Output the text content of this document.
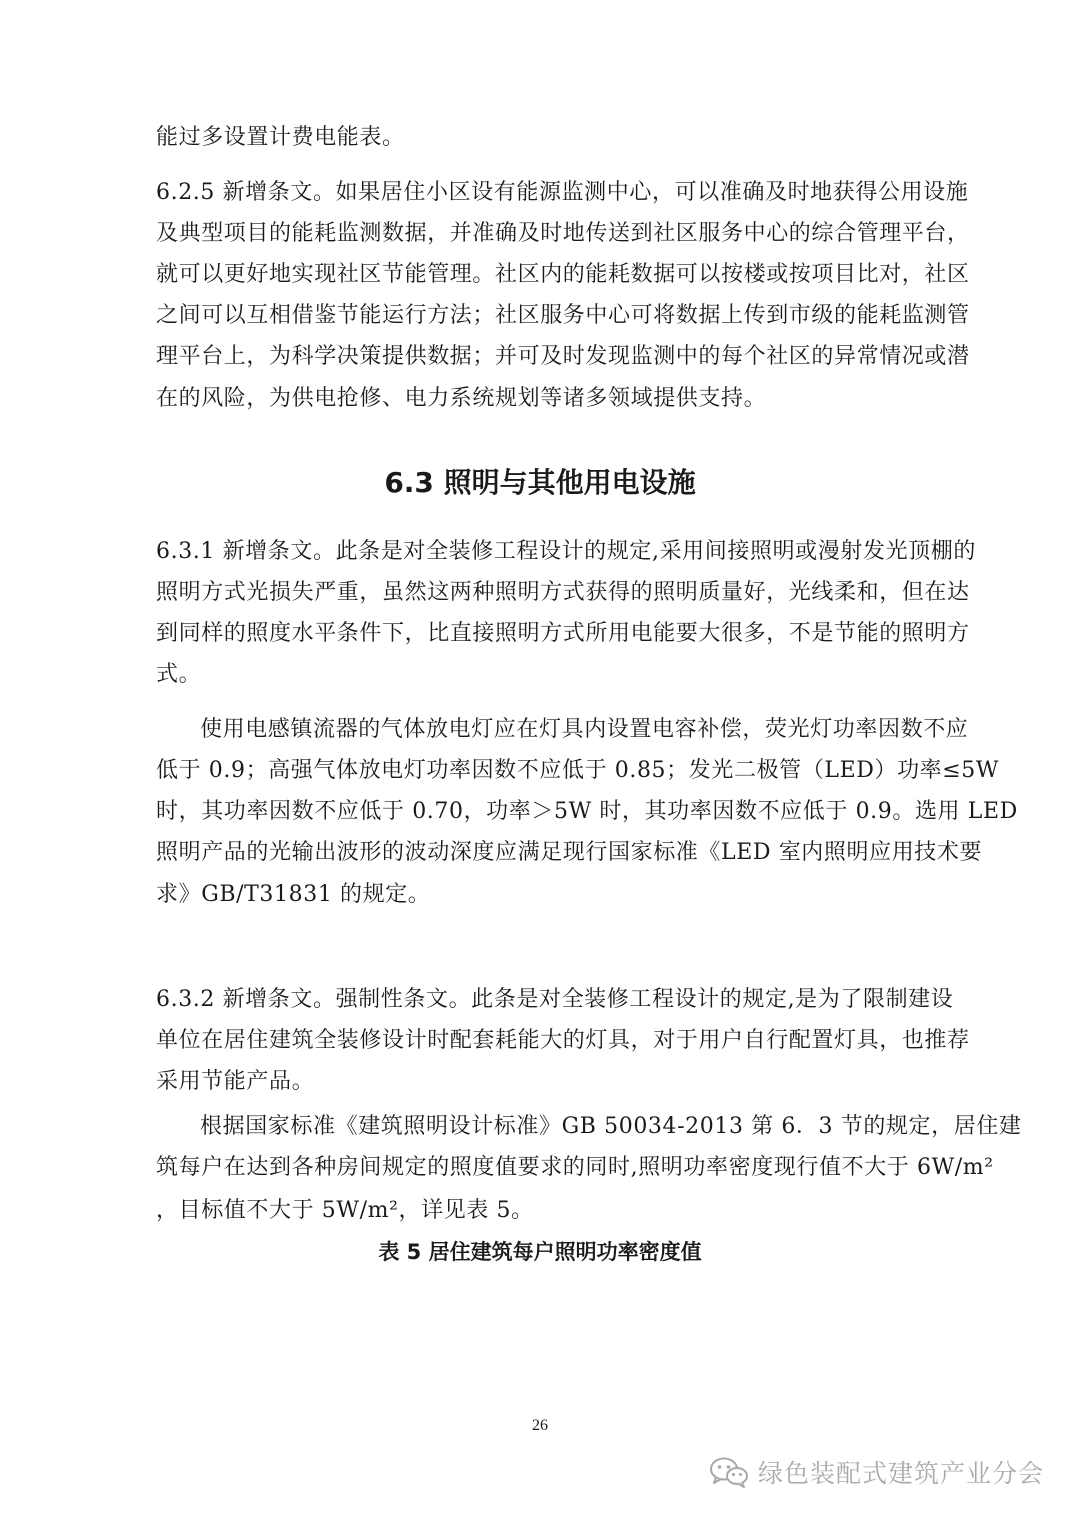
能过多设置计费电能表。
6.2.5 新增条文。如果居住小区设有能源监测中心，可以准确及时地获得公用设施
及典型项目的能耗监测数据，并准确及时地传送到社区服务中心的综合管理平台，
就可以更好地实现社区节能管理。社区内的能耗数据可以按楼或按项目比对，社区
之间可以互相借鉴节能运行方法；社区服务中心可将数据上传到市级的能耗监测管
理平台上，为科学决策提供数据；并可及时发现监测中的每个社区的异常情况或潜
在的风险，为供电抢修、电力系统规划等诸多领域提供支持。
6.3 照明与其他用电设施
6.3.1 新增条文。此条是对全装修工程设计的规定,采用间接照明或漫射发光顶棚的
照明方式光损失严重，虽然这两种照明方式获得的照明质量好，光线柔和，但在达
到同样的照度水平条件下，比直接照明方式所用电能要大很多，不是节能的照明方
式。
使用电感镇流器的气体放电灯应在灯具内设置电容补偿，荧光灯功率因数不应
低于 0.9；高强气体放电灯功率因数不应低于 0.85；发光二极管（LED）功率≤5W
时，其功率因数不应低于 0.70，功率＞5W 时，其功率因数不应低于 0.9。选用 LED
照明产品的光输出波形的波动深度应满足现行国家标准《LED 室内照明应用技术要
求》GB/T31831 的规定。
6.3.2 新增条文。强制性条文。此条是对全装修工程设计的规定,是为了限制建设
单位在居住建筑全装修设计时配套耗能大的灯具，对于用户自行配置灯具，也推荐
采用节能产品。
根据国家标准《建筑照明设计标准》GB 50034-2013 第 6．3 节的规定，居住建
筑每户在达到各种房间规定的照度值要求的同时,照明功率密度现行值不大于 6W/m²
，目标值不大于 5W/m²，详见表 5。
表 5 居住建筑每户照明功率密度值
26
绿色装配式建筑产业分会
